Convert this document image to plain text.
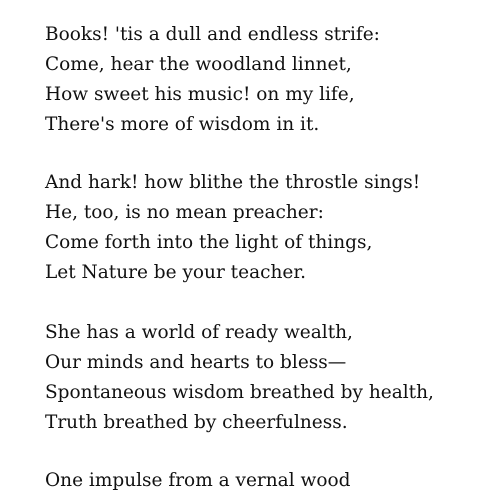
Books! 'tis a dull and endless strife:
Come, hear the woodland linnet,
How sweet his music! on my life,
There's more of wisdom in it.
And hark! how blithe the throstle sings!
He, too, is no mean preacher:
Come forth into the light of things,
Let Nature be your teacher.
She has a world of ready wealth,
Our minds and hearts to bless—
Spontaneous wisdom breathed by health,
Truth breathed by cheerfulness.
One impulse from a vernal wood
